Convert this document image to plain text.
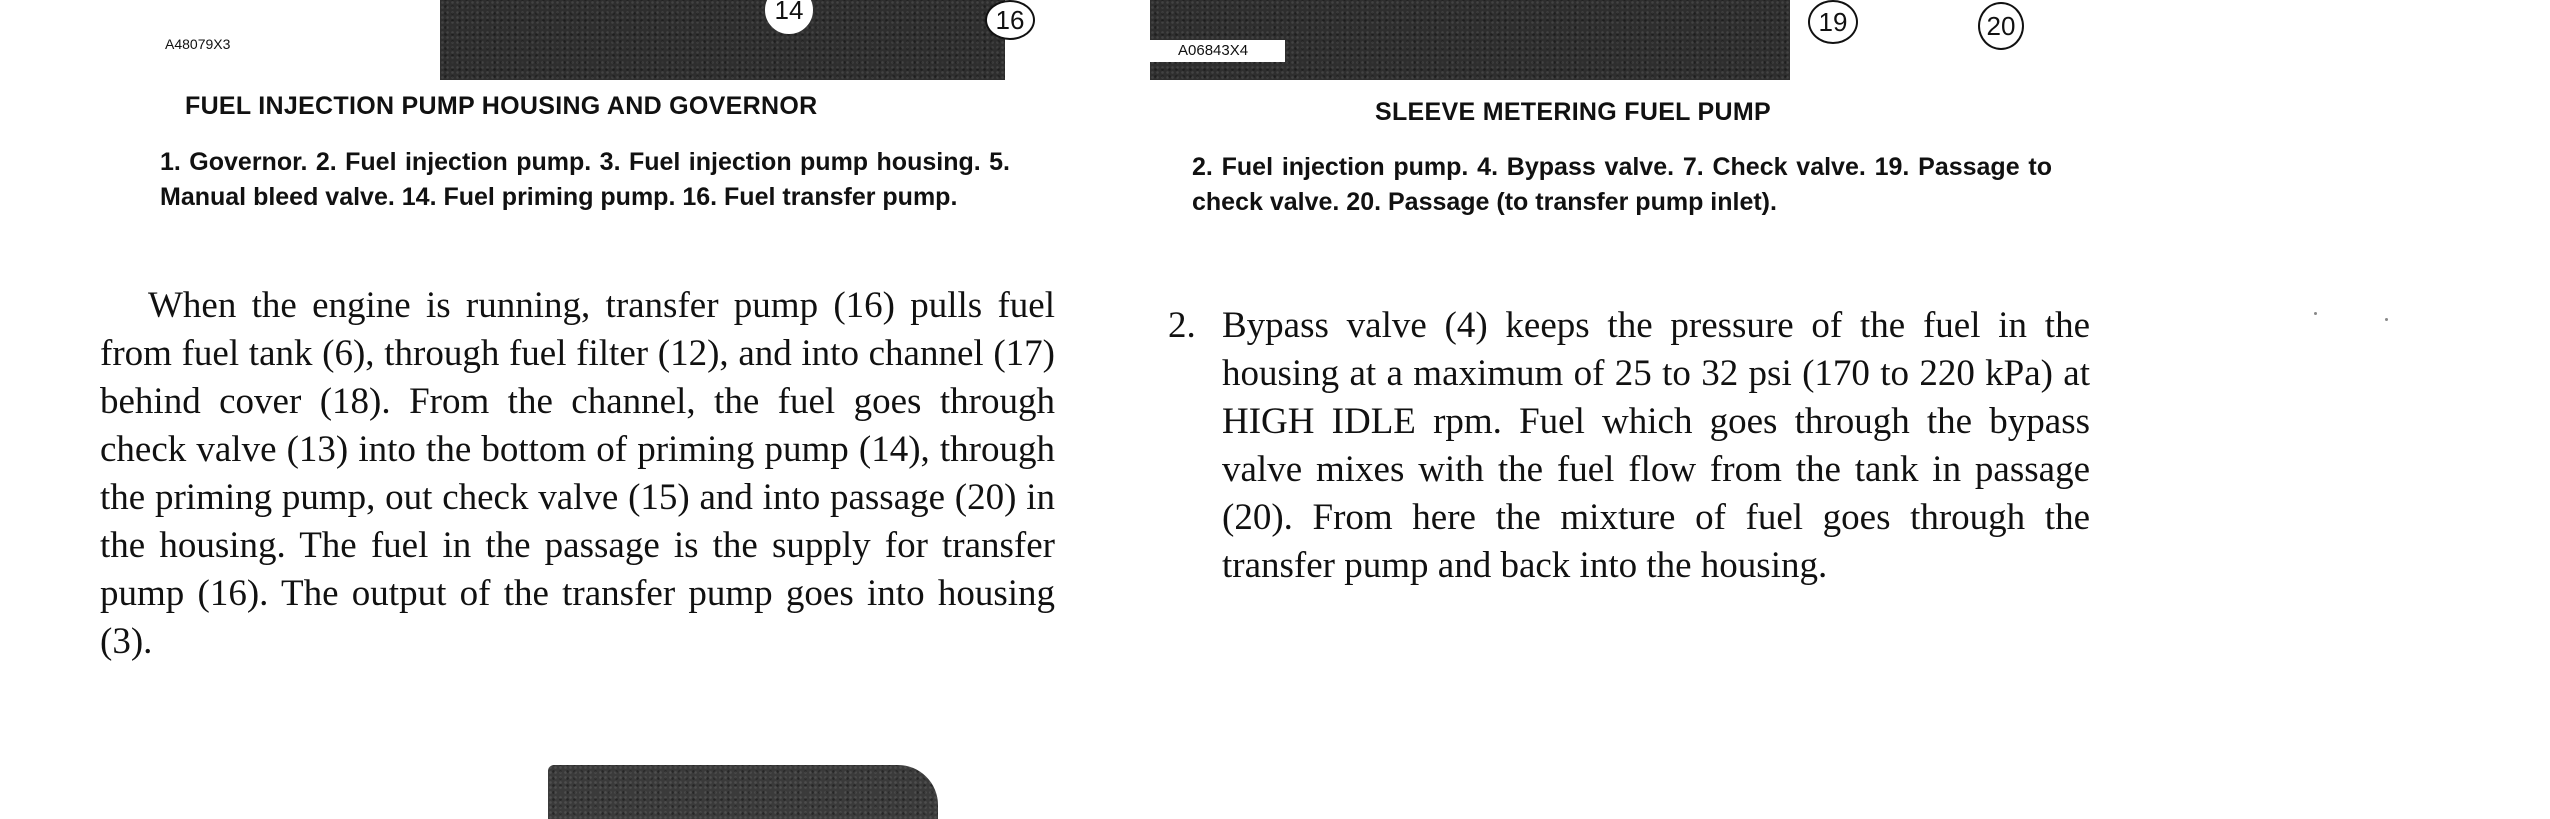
14	16
A48079X3
FUEL INJECTION PUMP HOUSING AND GOVERNOR
1. Governor. 2. Fuel injection pump. 3. Fuel injection pump housing. 5. Manual bleed valve. 14. Fuel priming pump. 16. Fuel transfer pump.
A06843X4
19	20
SLEEVE METERING FUEL PUMP
2. Fuel injection pump. 4. Bypass valve. 7. Check valve. 19. Passage to check valve. 20. Passage (to transfer pump inlet).

When the engine is running, transfer pump (16) pulls fuel from fuel tank (6), through fuel filter (12), and into channel (17) behind cover (18). From the channel, the fuel goes through check valve (13) into the bottom of priming pump (14), through the priming pump, out check valve (15) and into passage (20) in the housing. The fuel in the passage is the supply for transfer pump (16). The output of the transfer pump goes into housing (3).

2. Bypass valve (4) keeps the pressure of the fuel in the housing at a maximum of 25 to 32 psi (170 to 220 kPa) at HIGH IDLE rpm. Fuel which goes through the bypass valve mixes with the fuel flow from the tank in passage (20). From here the mixture of fuel goes through the transfer pump and back into the housing.
